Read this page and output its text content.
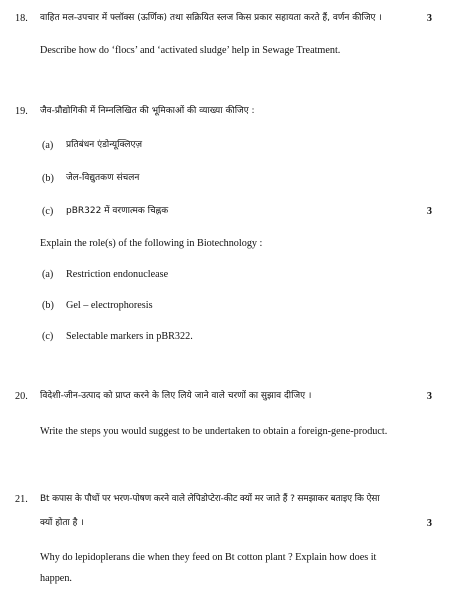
18. वाहित मल-उपचार में फ्लॉक्स (ऊर्णिक) तथा सक्रियित स्लज किस प्रकार सहायता करते हैं, वर्णन कीजिए ।	3
Describe how do ‘flocs’ and ‘activated sludge’ help in Sewage Treatment.
19. जैव-प्रौद्योगिकी में निम्नलिखित की भूमिकाओं की व्याख्या कीजिए :
(a) प्रतिबंधन एंडोन्यूक्लिएज़
(b) जेल-विद्युतकण संचलन
(c) pBR322 में वरणात्मक चिह्नक	3
Explain the role(s) of the following in Biotechnology :
(a) Restriction endonuclease
(b) Gel – electrophoresis
(c) Selectable markers in pBR322.
20. विदेशी-जीन-उत्पाद को प्राप्त करने के लिए लिये जाने वाले चरणों का सुझाव दीजिए ।	3
Write the steps you would suggest to be undertaken to obtain a foreign-gene-product.
21. Bt कपास के पौधों पर भरण-पोषण करने वाले लेपिडोप्टेरा-कीट क्यों मर जाते हैं ? समझाकर बताइए कि ऐसा
क्यों होता है ।	3
Why do lepidoplerans die when they feed on Bt cotton plant ? Explain how does it
happen.
